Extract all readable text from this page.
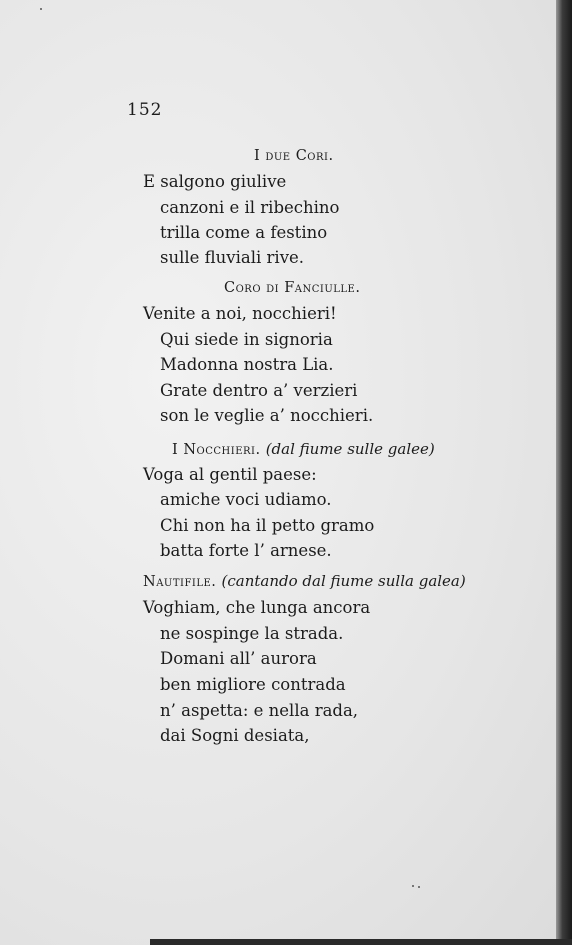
152
I due Cori.
E salgono giulive
canzoni e il ribechino
trilla come a festino
sulle fluviali rive.
Coro di Fanciulle.
Venite a noi, nocchieri!
Qui siede in signoria
Madonna nostra Lia.
Grate dentro a’ verzieri
son le veglie a’ nocchieri.
I Nocchieri. (dal fiume sulle galee)
Voga al gentil paese:
amiche voci udiamo.
Chi non ha il petto gramo
batta forte l’ arnese.
Nautifile. (cantando dal fiume sulla galea)
Voghiam, che lunga ancora
ne sospinge la strada.
Domani all’ aurora
ben migliore contrada
n’ aspetta: e nella rada,
dai Sogni desiata,
